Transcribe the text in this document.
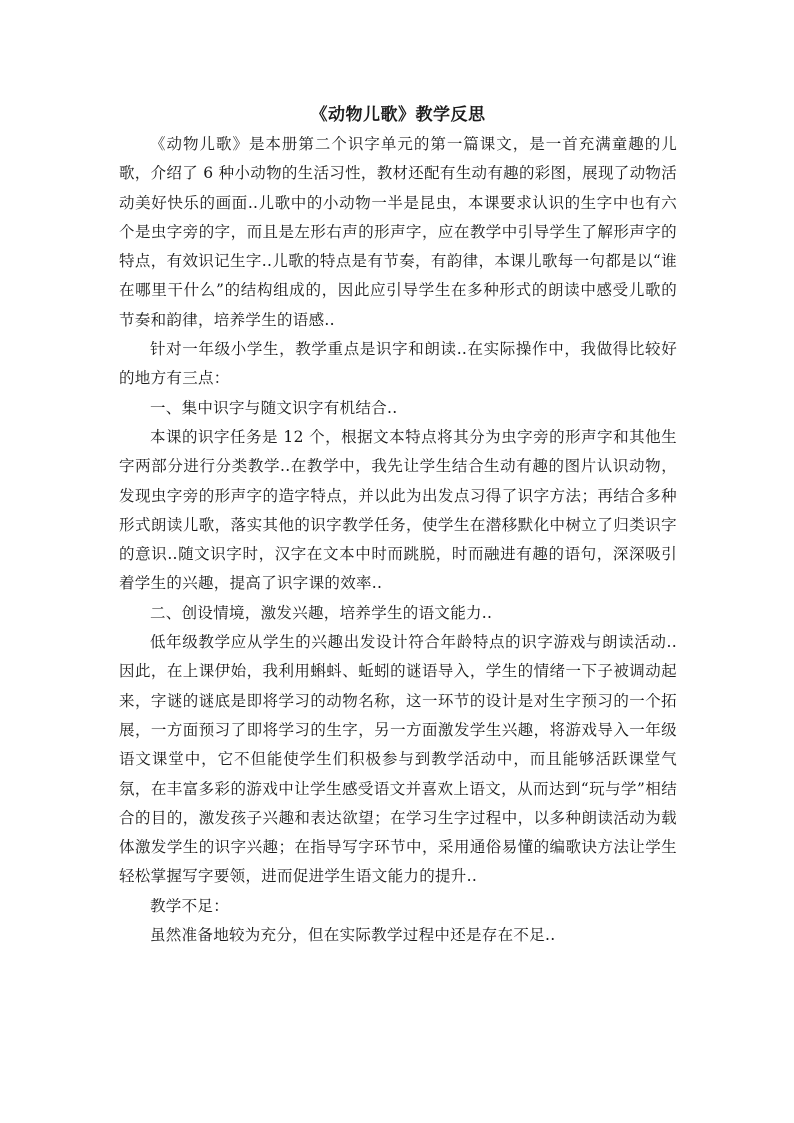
《动物儿歌》教学反思

《动物儿歌》是本册第二个识字单元的第一篇课文，是一首充满童趣的儿歌，介绍了 6 种小动物的生活习性，教材还配有生动有趣的彩图，展现了动物活动美好快乐的画面..儿歌中的小动物一半是昆虫，本课要求认识的生字中也有六个是虫字旁的字，而且是左形右声的形声字，应在教学中引导学生了解形声字的特点，有效识记生字..儿歌的特点是有节奏，有韵律，本课儿歌每一句都是以“谁在哪里干什么”的结构组成的，因此应引导学生在多种形式的朗读中感受儿歌的节奏和韵律，培养学生的语感..

针对一年级小学生，教学重点是识字和朗读..在实际操作中，我做得比较好的地方有三点：

一、集中识字与随文识字有机结合..

本课的识字任务是 12 个，根据文本特点将其分为虫字旁的形声字和其他生字两部分进行分类教学..在教学中，我先让学生结合生动有趣的图片认识动物，发现虫字旁的形声字的造字特点，并以此为出发点习得了识字方法；再结合多种形式朗读儿歌，落实其他的识字教学任务，使学生在潜移默化中树立了归类识字的意识..随文识字时，汉字在文本中时而跳脱，时而融进有趣的语句，深深吸引着学生的兴趣，提高了识字课的效率..

二、创设情境，激发兴趣，培养学生的语文能力..

低年级教学应从学生的兴趣出发设计符合年龄特点的识字游戏与朗读活动..因此，在上课伊始，我利用蝌蚪、蚯蚓的谜语导入，学生的情绪一下子被调动起来，字谜的谜底是即将学习的动物名称，这一环节的设计是对生字预习的一个拓展，一方面预习了即将学习的生字，另一方面激发学生兴趣，将游戏导入一年级语文课堂中，它不但能使学生们积极参与到教学活动中，而且能够活跃课堂气氛，在丰富多彩的游戏中让学生感受语文并喜欢上语文，从而达到“玩与学”相结合的目的，激发孩子兴趣和表达欲望；在学习生字过程中，以多种朗读活动为载体激发学生的识字兴趣；在指导写字环节中，采用通俗易懂的编歌诀方法让学生轻松掌握写字要领，进而促进学生语文能力的提升..

教学不足：

虽然准备地较为充分，但在实际教学过程中还是存在不足..
